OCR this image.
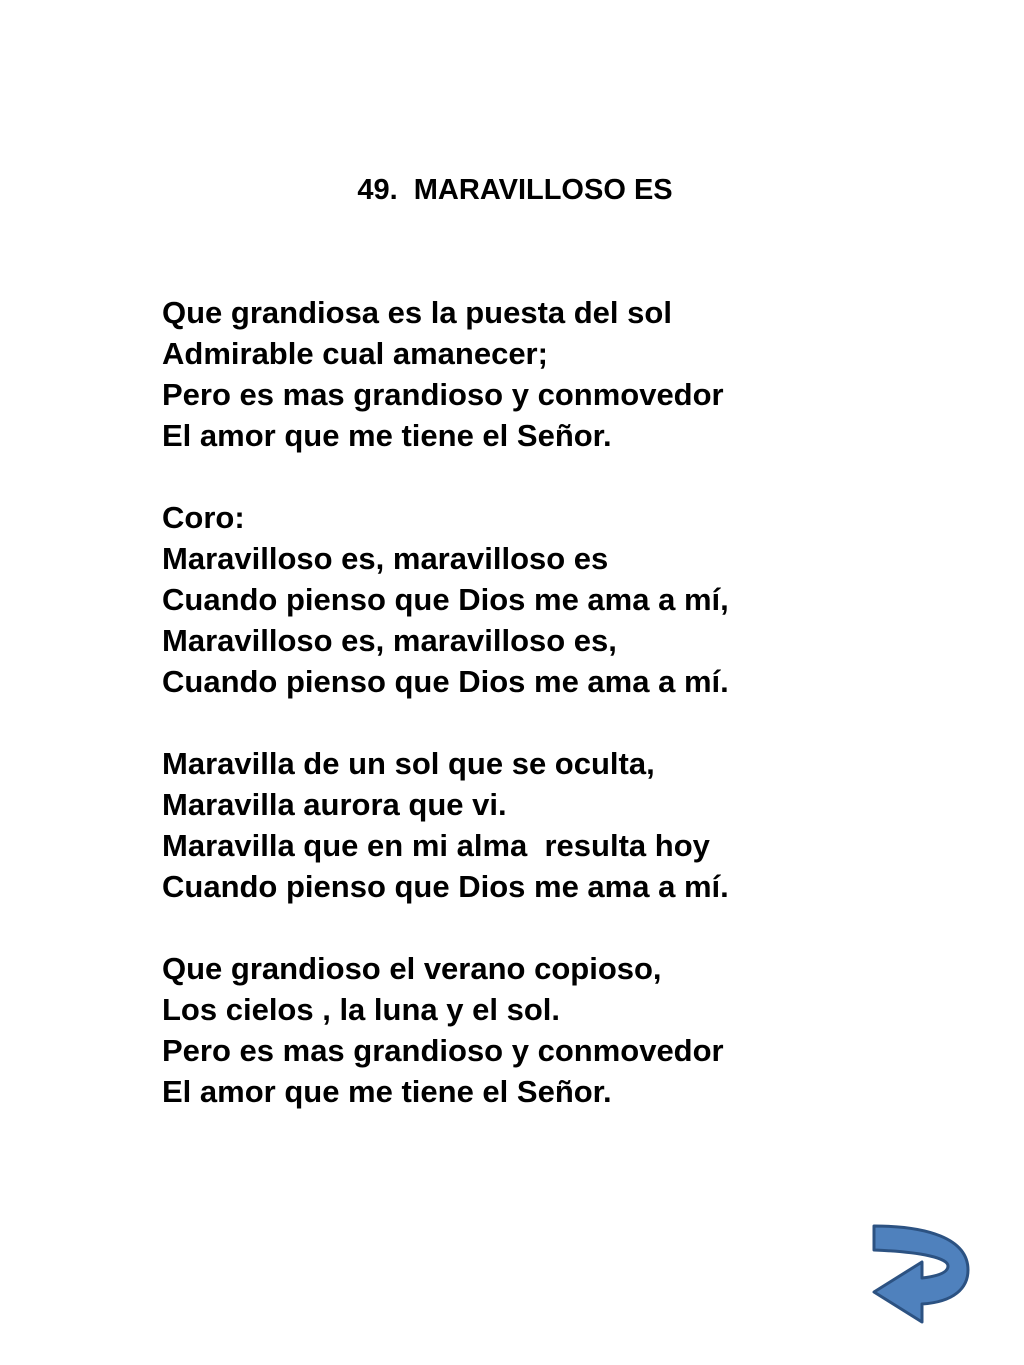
49.  MARAVILLOSO ES
Que grandiosa es la puesta del sol
Admirable cual amanecer;
Pero es mas grandioso y conmovedor
El amor que me tiene el Señor.
Coro:
Maravilloso es, maravilloso es
Cuando pienso que Dios me ama a mí,
Maravilloso es, maravilloso es,
Cuando pienso que Dios me ama a mí.
Maravilla de un sol que se oculta,
Maravilla aurora que vi.
Maravilla que en mi alma  resulta hoy
Cuando pienso que Dios me ama a mí.
Que grandioso el verano copioso,
Los cielos , la luna y el sol.
Pero es mas grandioso y conmovedor
El amor que me tiene el Señor.
